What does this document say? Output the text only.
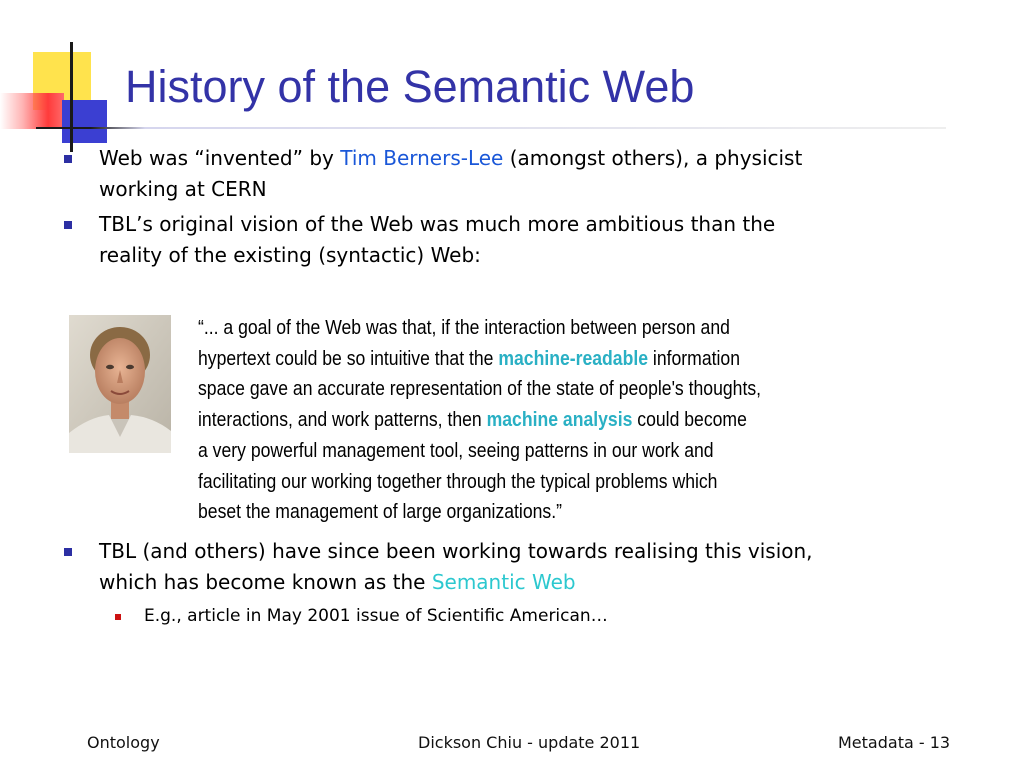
History of the Semantic Web
Web was “invented” by Tim Berners-Lee (amongst others), a physicist
working at CERN
TBL’s original vision of the Web was much more ambitious than the
reality of the existing (syntactic) Web:
“... a goal of the Web was that, if the interaction between person and
hypertext could be so intuitive that the machine-readable information
space gave an accurate representation of the state of people's thoughts,
interactions, and work patterns, then machine analysis could become
a very powerful management tool, seeing patterns in our work and
facilitating our working together through the typical problems which
beset the management of large organizations.”
TBL (and others) have since been working towards realising this vision,
which has become known as the Semantic Web
E.g., article in May 2001 issue of Scientific American…
Ontology	Dickson Chiu - update 2011	Metadata - 13
